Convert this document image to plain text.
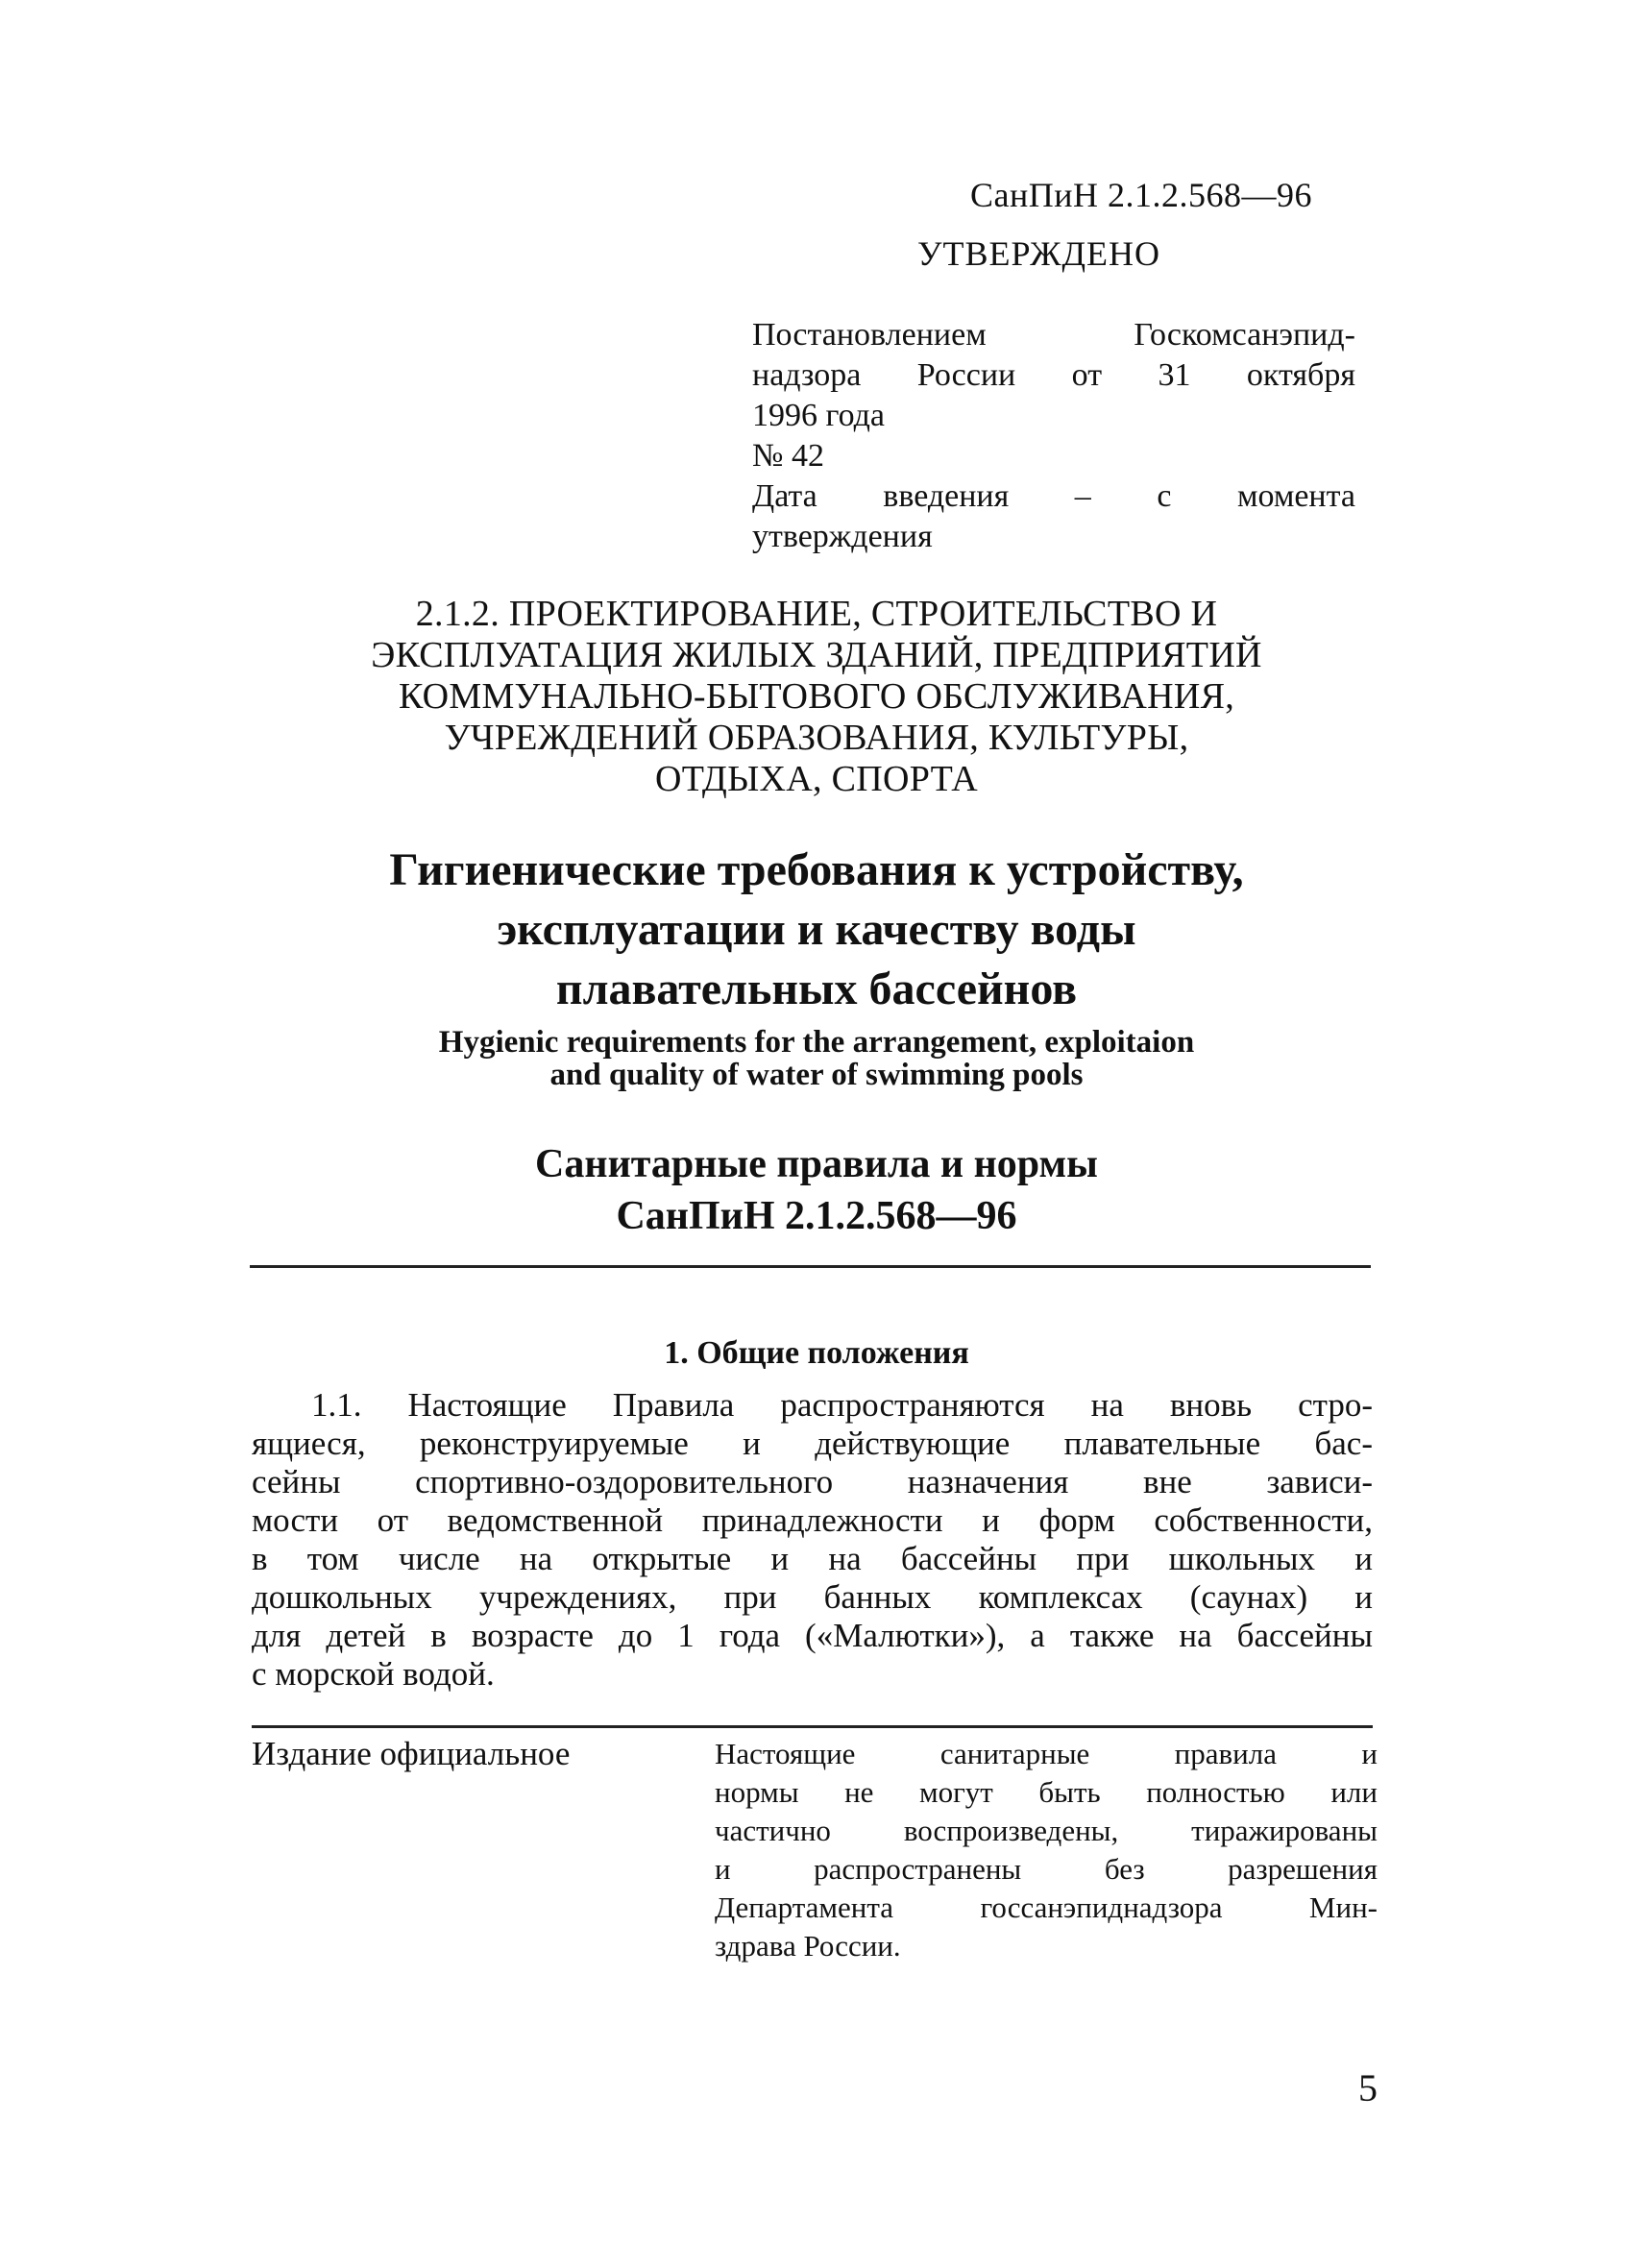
СанПиН 2.1.2.568—96
УТВЕРЖДЕНО
Постановлением Госкомсанэпид-
надзора России от 31 октября
1996 года
№ 42
Дата введения – с момента
утверждения
2.1.2. ПРОЕКТИРОВАНИЕ, СТРОИТЕЛЬСТВО И
ЭКСПЛУАТАЦИЯ ЖИЛЫХ ЗДАНИЙ, ПРЕДПРИЯТИЙ
КОММУНАЛЬНО-БЫТОВОГО ОБСЛУЖИВАНИЯ,
УЧРЕЖДЕНИЙ ОБРАЗОВАНИЯ, КУЛЬТУРЫ,
ОТДЫХА, СПОРТА
Гигиенические требования к устройству,
эксплуатации и качеству воды
плавательных бассейнов
Hygienic requirements for the arrangement, exploitaion
and quality of water of swimming pools
Санитарные правила и нормы
СанПиН 2.1.2.568—96
1. Общие положения
1.1. Настоящие Правила распространяются на вновь стро-
ящиеся, реконструируемые и действующие плавательные бас-
сейны спортивно-оздоровительного назначения вне зависи-
мости от ведомственной принадлежности и форм собственности,
в том числе на открытые и на бассейны при школьных и
дошкольных учреждениях, при банных комплексах (саунах) и
для детей в возрасте до 1 года («Малютки»), а также на бассейны
с морской водой.
Издание официальное	Настоящие санитарные правила и
нормы не могут быть полностью или
частично воспроизведены, тиражированы
и распространены без разрешения
Департамента госсанэпиднадзора Мин-
здрава России.
5
